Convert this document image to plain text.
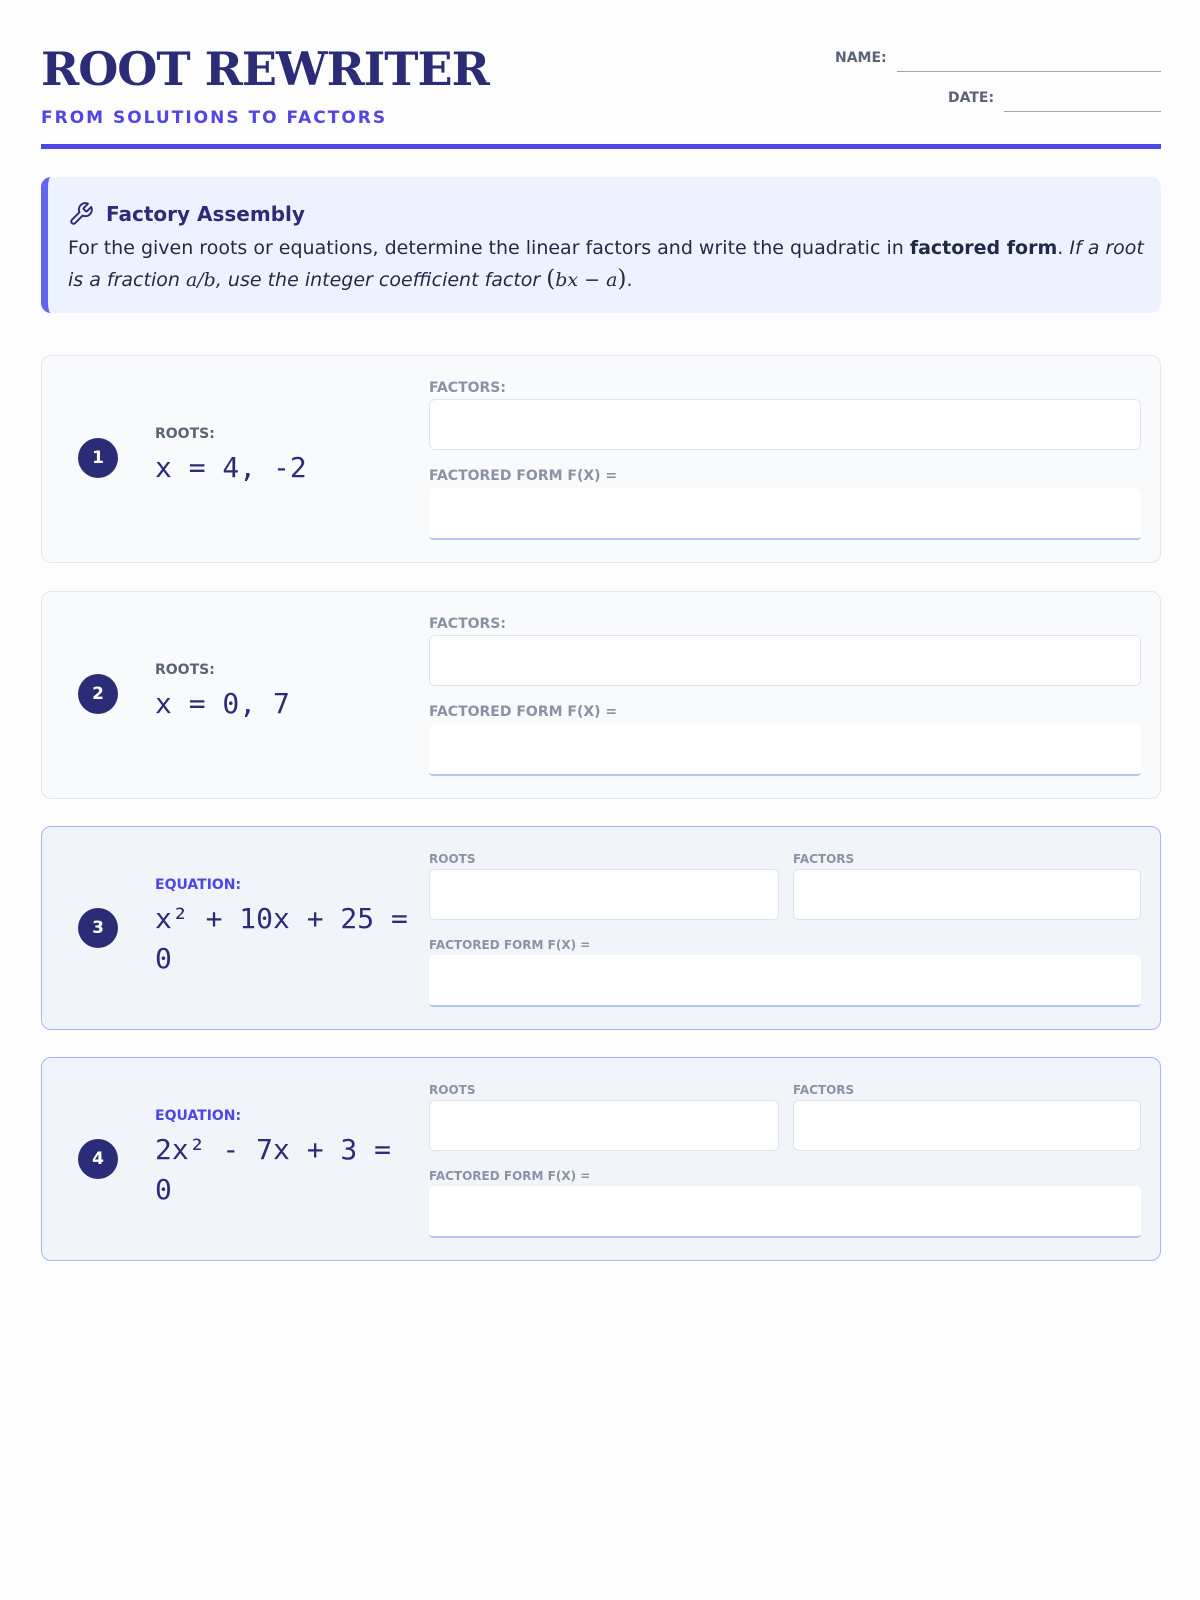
ROOT REWRITER
FROM SOLUTIONS TO FACTORS
NAME:
DATE:
Factory Assembly
For the given roots or equations, determine the linear factors and write the quadratic in factored form. If a root is a fraction a/b, use the integer coefficient factor (bx − a).
1
ROOTS:
x = 4, -2
FACTORS:
FACTORED FORM F(X) =
2
ROOTS:
x = 0, 7
FACTORS:
FACTORED FORM F(X) =
3
EQUATION:
x² + 10x + 25 = 0
ROOTS	FACTORS
FACTORED FORM F(X) =
4
EQUATION:
2x² - 7x + 3 = 0
ROOTS	FACTORS
FACTORED FORM F(X) =
